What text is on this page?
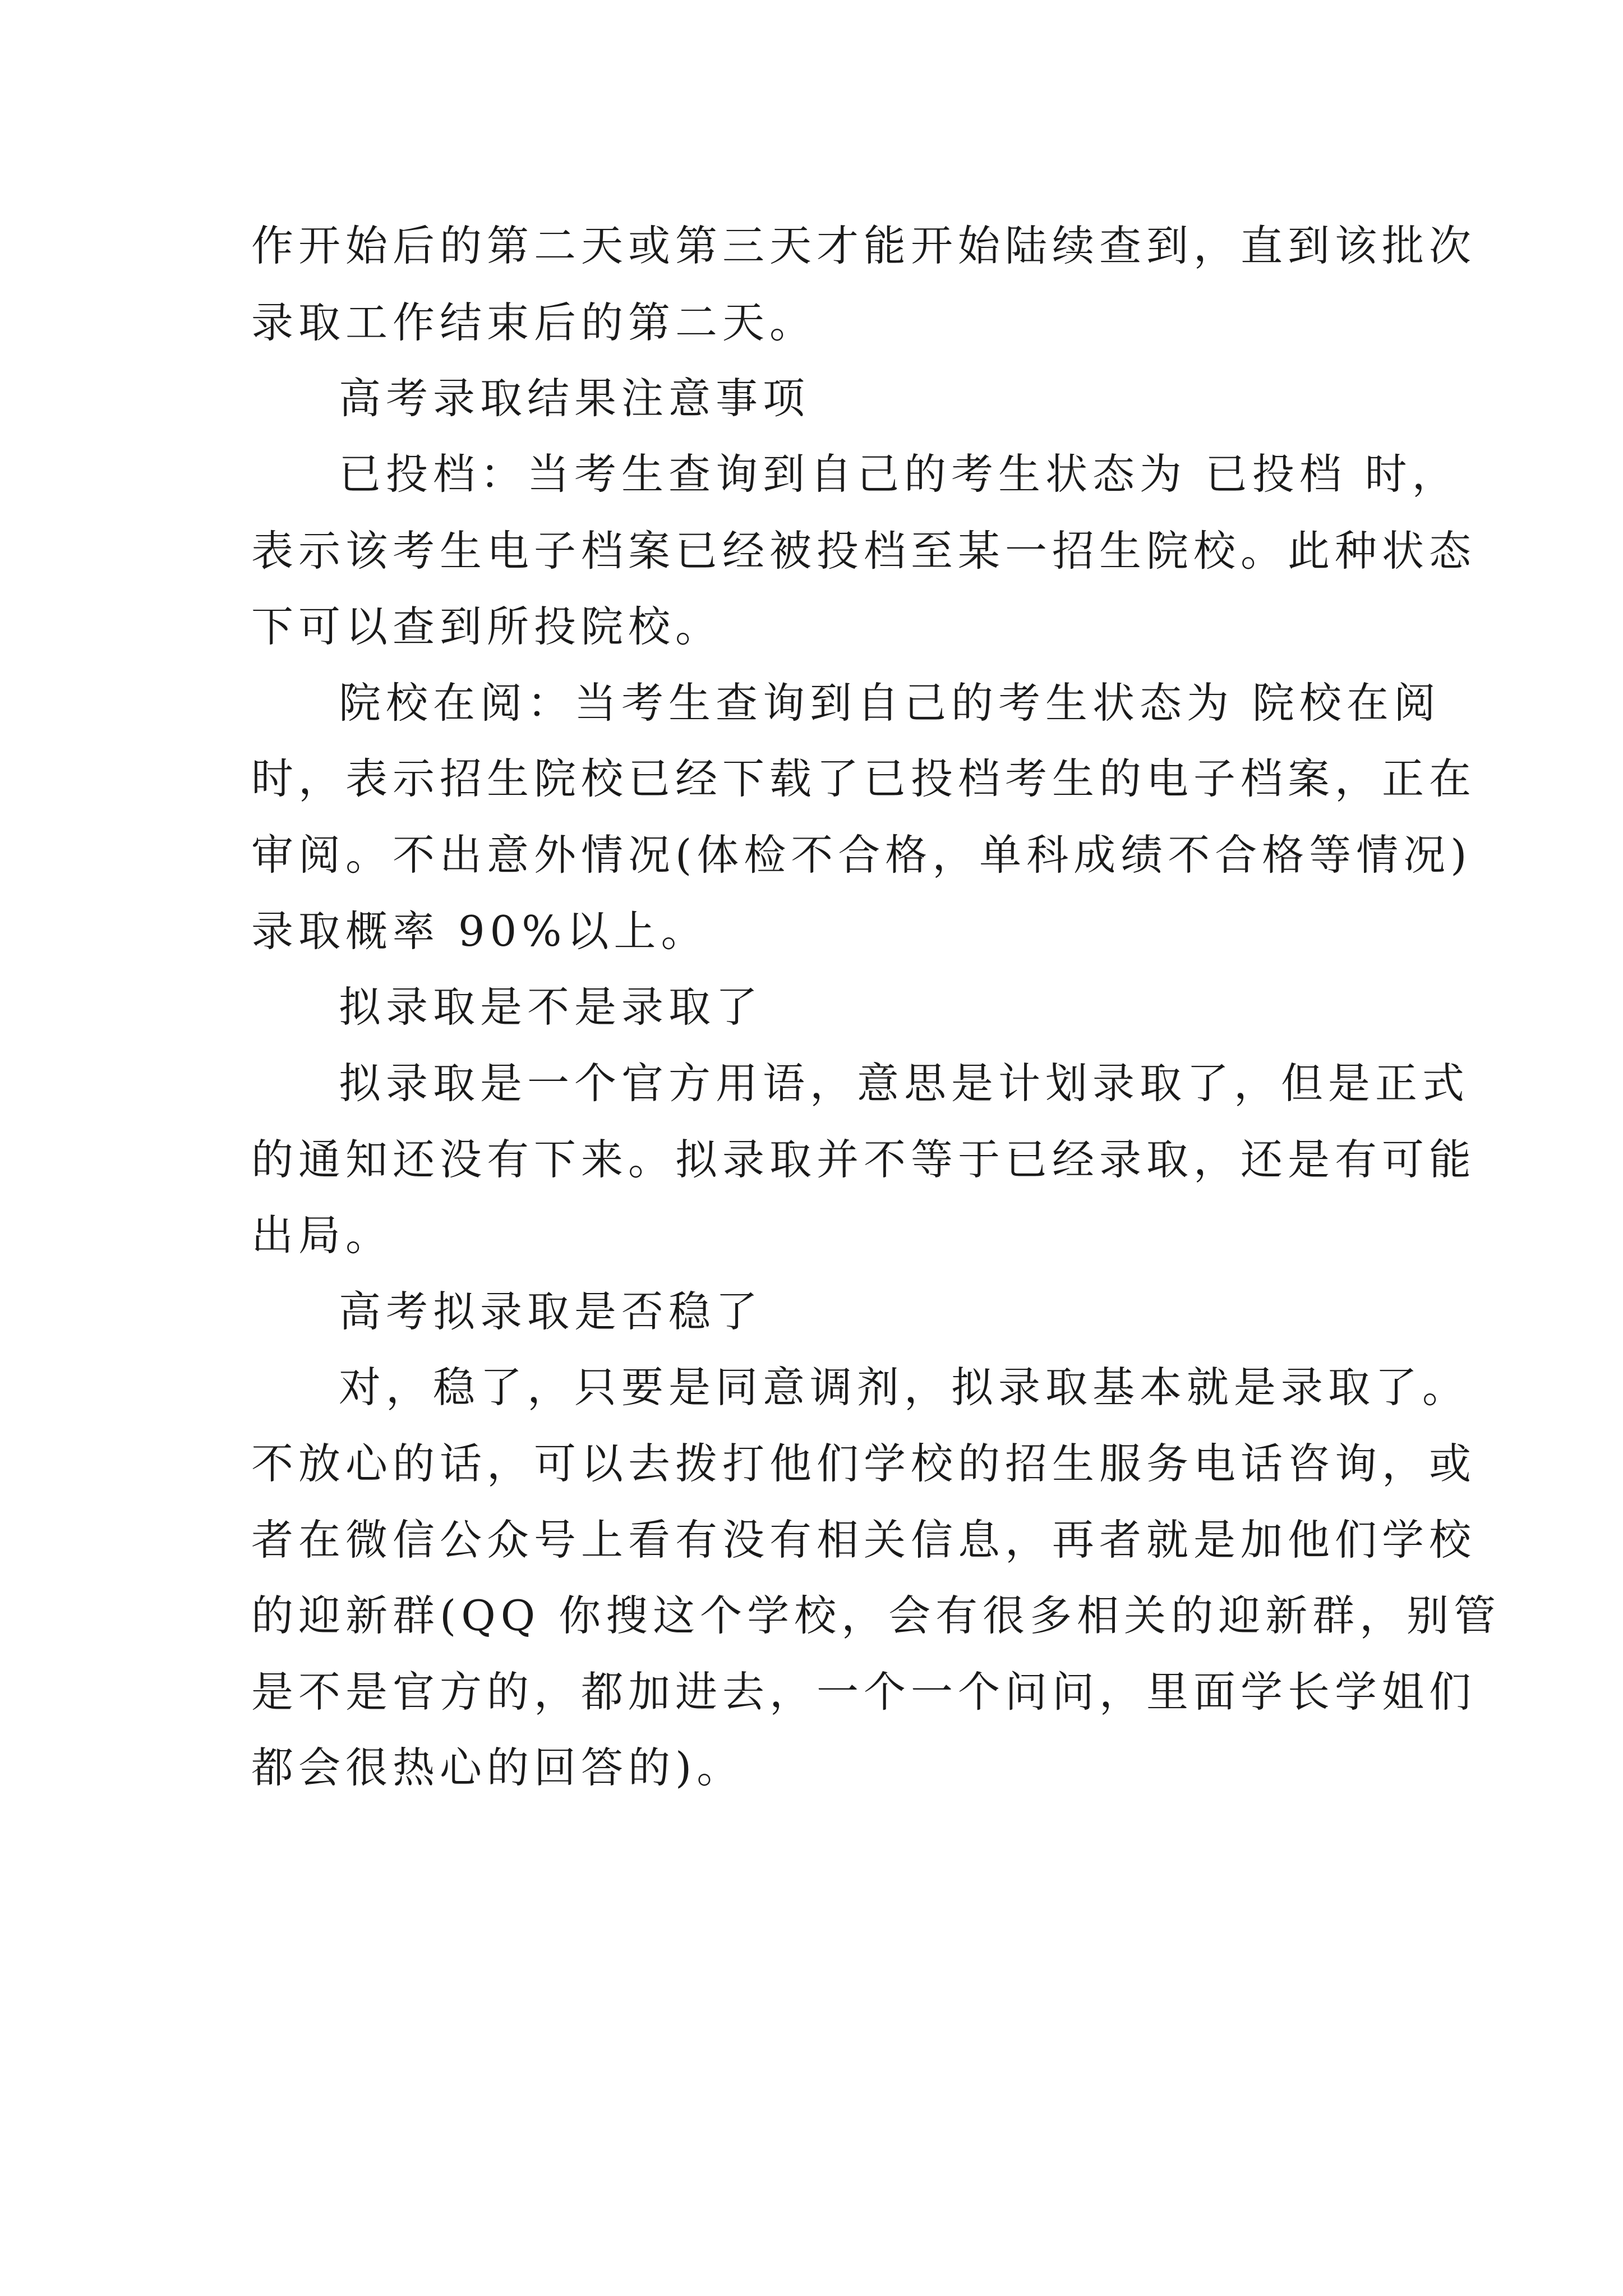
作开始后的第二天或第三天才能开始陆续查到，直到该批次
录取工作结束后的第二天。
高考录取结果注意事项
已投档：当考生查询到自己的考生状态为 已投档 时，
表示该考生电子档案已经被投档至某一招生院校。此种状态
下可以查到所投院校。
院校在阅：当考生查询到自己的考生状态为 院校在阅
时，表示招生院校已经下载了已投档考生的电子档案，正在
审阅。不出意外情况(体检不合格，单科成绩不合格等情况)
录取概率 90%以上。
拟录取是不是录取了
拟录取是一个官方用语，意思是计划录取了，但是正式
的通知还没有下来。拟录取并不等于已经录取，还是有可能
出局。
高考拟录取是否稳了
对，稳了，只要是同意调剂，拟录取基本就是录取了。
不放心的话，可以去拨打他们学校的招生服务电话咨询，或
者在微信公众号上看有没有相关信息，再者就是加他们学校
的迎新群(QQ 你搜这个学校，会有很多相关的迎新群，别管
是不是官方的，都加进去，一个一个问问，里面学长学姐们
都会很热心的回答的)。
